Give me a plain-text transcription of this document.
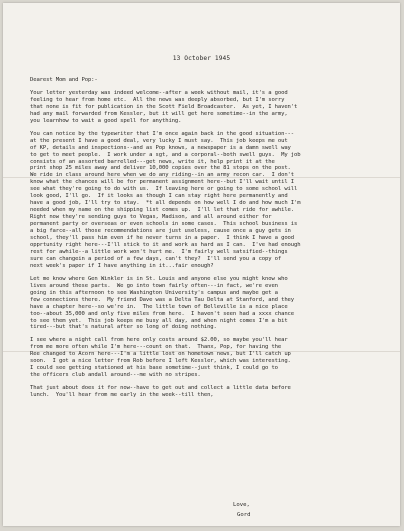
13 October 1945
Dearest Mom and Pop:-
Your letter yesterday was indeed welcome--after a week without mail, it's a good
feeling to hear from home etc.  All the news was deeply absorbed, but I'm sorry
that none is fit for publication in the Scott Field Broadcaster.  As yet, I haven't
had any mail forwarded from Kessler, but it will get here sometime--in the army,
you learnhow to wait a good spell for anything.
You can notice by the typewriter that I'm once again back in the good situation---
at the present I have a good deal, very lucky I must say.  This job keeps me out
of KP, details and inspections--and as Pop knows, a newspaper is a damn swell way
to get to meet people.  I work under a sgt, and a corporal--both swell guys.  My job
consists of an assorted barrelled---get news, write it, help print it at the
print shop 25 miles away and deliver 10,000 copies over the 81 stops on the post.
We ride in class around here when we do any riding--in an army recon car.  I don't
know what the chances will be for permanent assignment here--but I'll wait until I
see what they're going to do with us.  If leaving here or going to some school will
look good, I'll go.  If it looks as though I can stay right here permanently and
have a good job, I'll try to stay.  *t all depends on how well I do and how much I'm
needed when my name on the shipping list comes up.  I'll let that ride for awhile.
Right now they're sending guys to Vegas, Madison, and all around either for
permanent party or overseas or even schools in some cases.  This school business is
a big farce--all those recommendations are just useless, cause once a guy gets in
school, they'll pass him even if he never turns in a paper.  I think I have a good
opprtunity right here---I'll stick to it and work as hard as I can.  I've had enough
rest for awhile--a little work won't hurt me.  I'm fairly well satsified--things
sure can changein a period of a few days, can't they?  I'll send you a copy of
next week's paper if I have anything in it...fair enough?
Let me know where Gen Winkler is in St. Louis and anyone else you might know who
lives around these parts.  We go into town fairly often---in fact, we're even
going in this afternoon to see Washington University's campus and maybe get a
few connections there.  My friend Dave was a Delta Tau Delta at Stanford, and they
have a chapter here--so we're in.  The little town of Belleville is a nice place
too--about 35,000 and only five miles from here.  I haven't seen had a xxxx chance
to see them yet.  This job keeps me busy all day, and when night comes I'm a bit
tired---but that's natural after so long of doing nothing.
I see where a night call from here only costs around $2.00, so maybe you'll hear
from me more often while I'm here---count on that.  Thanx, Pop, for having the
Ree changed to Acorn here---I'm a little lost on hometown news, but I'll catch up
soon.  I got a nice letter from Rob before I left Kessler, which was interesting.
I could see getting stationed at his base sometime--just think, I could go to
the officers club andall around---me with no stripes.
That just about does it for now--have to get out and collect a little data before
lunch.  You'll hear from me early in the week--till then,
Love,
Gord
